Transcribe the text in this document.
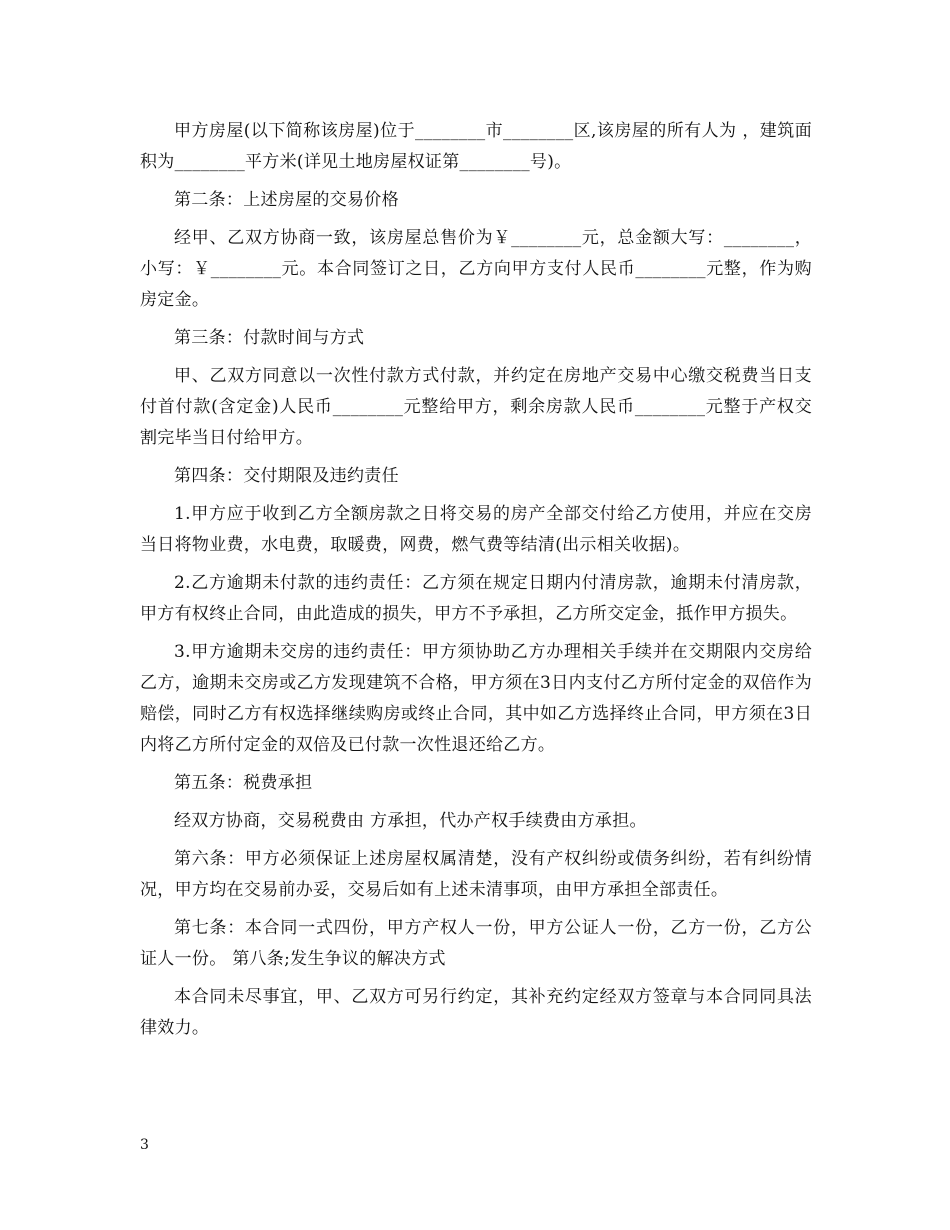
甲方房屋(以下简称该房屋)位于________市________区,该房屋的所有人为 ，建筑面积为________平方米(详见土地房屋权证第________号)。

第二条：上述房屋的交易价格

经甲、乙双方协商一致，该房屋总售价为￥________元，总金额大写：________，小写：￥________元。本合同签订之日，乙方向甲方支付人民币________元整，作为购房定金。

第三条：付款时间与方式

甲、乙双方同意以一次性付款方式付款，并约定在房地产交易中心缴交税费当日支付首付款(含定金)人民币________元整给甲方，剩余房款人民币________元整于产权交割完毕当日付给甲方。

第四条：交付期限及违约责任

1.甲方应于收到乙方全额房款之日将交易的房产全部交付给乙方使用，并应在交房当日将物业费，水电费，取暖费，网费，燃气费等结清(出示相关收据)。

2.乙方逾期未付款的违约责任：乙方须在规定日期内付清房款，逾期未付清房款，甲方有权终止合同，由此造成的损失，甲方不予承担，乙方所交定金，抵作甲方损失。

3.甲方逾期未交房的违约责任：甲方须协助乙方办理相关手续并在交期限内交房给乙方，逾期未交房或乙方发现建筑不合格，甲方须在3日内支付乙方所付定金的双倍作为赔偿，同时乙方有权选择继续购房或终止合同，其中如乙方选择终止合同，甲方须在3日内将乙方所付定金的双倍及已付款一次性退还给乙方。

第五条：税费承担

经双方协商，交易税费由 方承担，代办产权手续费由方承担。

第六条：甲方必须保证上述房屋权属清楚，没有产权纠纷或债务纠纷，若有纠纷情况，甲方均在交易前办妥，交易后如有上述未清事项，由甲方承担全部责任。

第七条：本合同一式四份，甲方产权人一份，甲方公证人一份，乙方一份，乙方公证人一份。 第八条;发生争议的解决方式

本合同未尽事宜，甲、乙双方可另行约定，其补充约定经双方签章与本合同同具法律效力。

3
